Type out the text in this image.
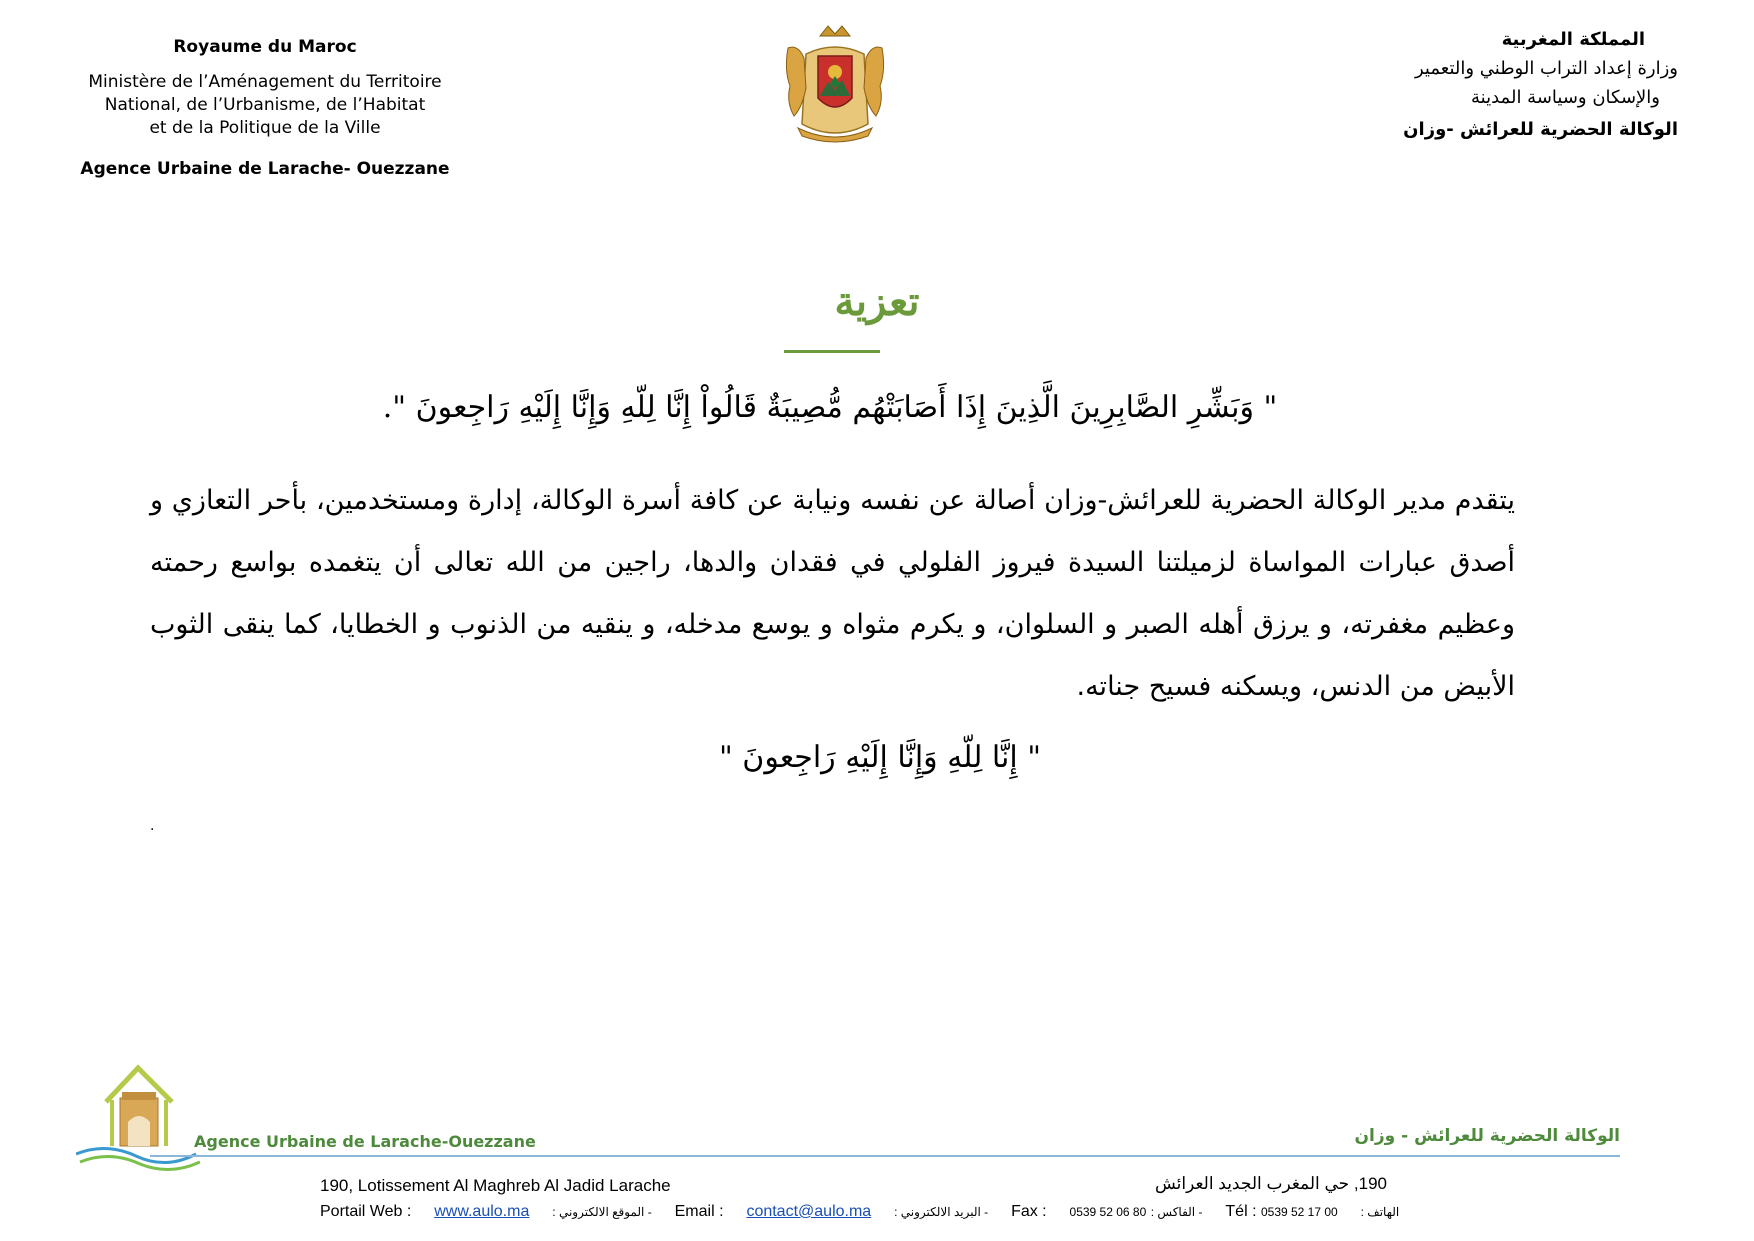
Royaume du Maroc
Ministère de l’Aménagement du Territoire
National, de l’Urbanisme, de l’Habitat
et de la Politique de la Ville
Agence Urbaine de Larache- Ouezzane
المملكة المغربية
وزارة إعداد التراب الوطني والتعمير
والإسكان وسياسة المدينة
الوكالة الحضرية للعرائش -وزان
تعزية
" وَبَشِّرِ الصَّابِرِينَ الَّذِينَ إِذَا أَصَابَتْهُم مُّصِيبَةٌ قَالُواْ إِنَّا لِلّهِ وَإِنَّا إِلَيْهِ رَاجِعونَ ".
يتقدم مدير الوكالة الحضرية للعرائش-وزان أصالة عن نفسه ونيابة عن كافة أسرة الوكالة، إدارة ومستخدمين، بأحر التعازي و أصدق عبارات المواساة لزميلتنا السيدة فيروز الفلولي في فقدان والدها، راجين من الله تعالى أن يتغمده بواسع رحمته وعظيم مغفرته، و يرزق أهله الصبر و السلوان، و يكرم مثواه و يوسع مدخله، و ينقيه من الذنوب و الخطايا، كما ينقى الثوب الأبيض من الدنس، ويسكنه فسيح جناته.
" إِنَّا لِلّهِ وَإِنَّا إِلَيْهِ رَاجِعونَ "
.
Agence Urbaine de Larache-Ouezzane	الوكالة الحضرية للعرائش - وزان
190, Lotissement Al Maghreb Al Jadid Larache	190, حي المغرب الجديد العرائش
Portail Web : www.aulo.ma : الموقع الالكتروني - Email : contact@aulo.ma : البريد الالكتروني - Fax : 0539 52 06 80 : الفاكس - Tél : 0539 52 17 00 : الهاتف
